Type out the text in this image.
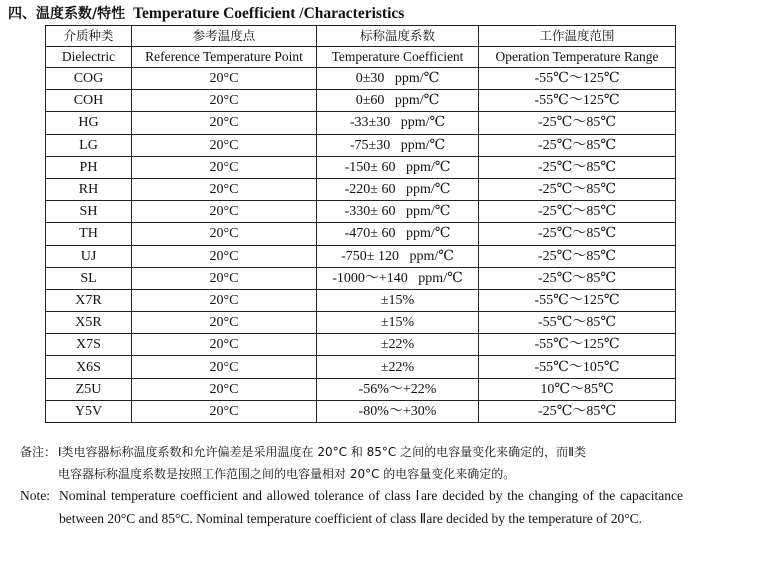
四、温度系数/特性 Temperature Coefficient /Characteristics
介质种类	参考温度点	标称温度系数	工作温度范围
Dielectric	Reference Temperature Point	Temperature Coefficient	Operation Temperature Range
COG	20°C	0±30   ppm/℃	-55℃～125℃
COH	20°C	0±60   ppm/℃	-55℃～125℃
HG	20°C	-33±30   ppm/℃	-25℃～85℃
LG	20°C	-75±30   ppm/℃	-25℃～85℃
PH	20°C	-150± 60   ppm/℃	-25℃～85℃
RH	20°C	-220± 60   ppm/℃	-25℃～85℃
SH	20°C	-330± 60   ppm/℃	-25℃～85℃
TH	20°C	-470± 60   ppm/℃	-25℃～85℃
UJ	20°C	-750± 120   ppm/℃	-25℃～85℃
SL	20°C	-1000～+140   ppm/℃	-25℃～85℃
X7R	20°C	±15%	-55℃～125℃
X5R	20°C	±15%	-55℃～85℃
X7S	20°C	±22%	-55℃～125℃
X6S	20°C	±22%	-55℃～105℃
Z5U	20°C	-56%～+22%	10℃～85℃
Y5V	20°C	-80%～+30%	-25℃～85℃
备注： Ⅰ类电容器标称温度系数和允许偏差是采用温度在 20°C 和 85°C 之间的电容量变化来确定的，而Ⅱ类
电容器标称温度系数是按照工作范围之间的电容量相对 20°C 的电容量变化来确定的。
Note: Nominal temperature coefficient and allowed tolerance of class Ⅰare decided by the changing of the capacitance between 20°C and 85°C. Nominal temperature coefficient of class Ⅱare decided by the temperature of 20°C.
